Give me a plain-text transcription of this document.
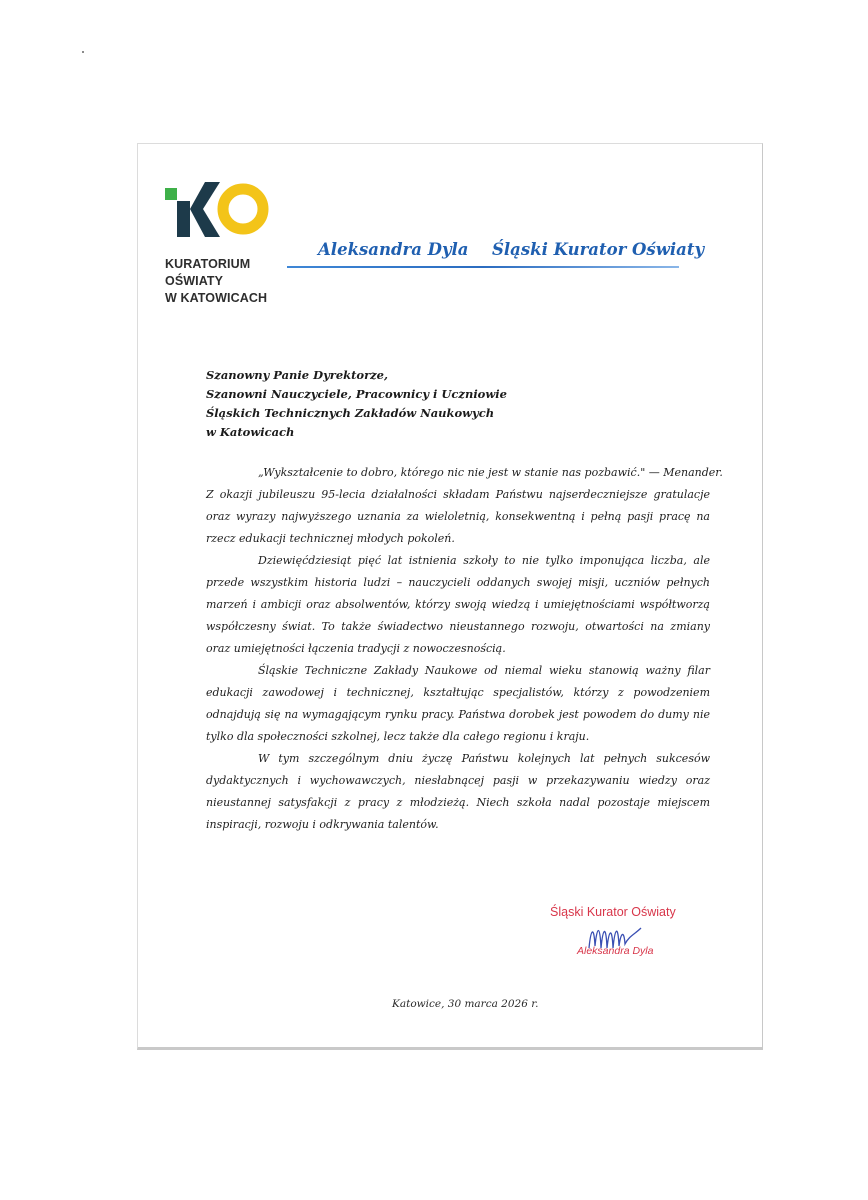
KURATORIUM
OŚWIATY
W KATOWICACH
Aleksandra Dyla Śląski Kurator Oświaty
Szanowny Panie Dyrektorze,
Szanowni Nauczyciele, Pracownicy i Uczniowie
Śląskich Technicznych Zakładów Naukowych
w Katowicach

„Wykształcenie to dobro, którego nic nie jest w stanie nas pozbawić." — Menander.

Z okazji jubileuszu 95-lecia działalności składam Państwu najserdeczniejsze gratulacje oraz wyrazy najwyższego uznania za wieloletnią, konsekwentną i pełną pasji pracę na rzecz edukacji technicznej młodych pokoleń.

Dziewięćdziesiąt pięć lat istnienia szkoły to nie tylko imponująca liczba, ale przede wszystkim historia ludzi – nauczycieli oddanych swojej misji, uczniów pełnych marzeń i ambicji oraz absolwentów, którzy swoją wiedzą i umiejętnościami współtworzą współczesny świat. To także świadectwo nieustannego rozwoju, otwartości na zmiany oraz umiejętności łączenia tradycji z nowoczesnością.

Śląskie Techniczne Zakłady Naukowe od niemal wieku stanowią ważny filar edukacji zawodowej i technicznej, kształtując specjalistów, którzy z powodzeniem odnajdują się na wymagającym rynku pracy. Państwa dorobek jest powodem do dumy nie tylko dla społeczności szkolnej, lecz także dla całego regionu i kraju.

W tym szczególnym dniu życzę Państwu kolejnych lat pełnych sukcesów dydaktycznych i wychowawczych, niesłabnącej pasji w przekazywaniu wiedzy oraz nieustannej satysfakcji z pracy z młodzieżą. Niech szkoła nadal pozostaje miejscem inspiracji, rozwoju i odkrywania talentów.

Śląski Kurator Oświaty
Aleksandra Dyla
Katowice, 30 marca 2026 r.
